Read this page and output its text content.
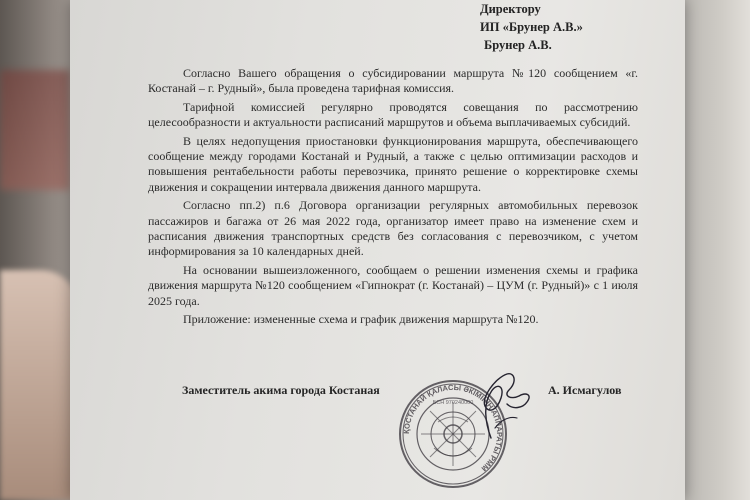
Директору
ИП «Брунер А.В.»
Брунер А.В.

Согласно Вашего обращения о субсидировании маршрута №120 сообщением «г. Костанай – г. Рудный», была проведена тарифная комиссия.

Тарифной комиссией регулярно проводятся совещания по рассмотрению целесообразности и актуальности расписаний маршрутов и объема выплачиваемых субсидий.

В целях недопущения приостановки функционирования маршрута, обеспечивающего сообщение между городами Костанай и Рудный, а также с целью оптимизации расходов и повышения рентабельности работы перевозчика, принято решение о корректировке схемы движения и сокращении интервала движения данного маршрута.

Согласно пп.2) п.6 Договора организации регулярных автомобильных перевозок пассажиров и багажа от 26 мая 2022 года, организатор имеет право на изменение схем и расписания движения транспортных средств без согласования с перевозчиком, с учетом информирования за 10 календарных дней.

На основании вышеизложенного, сообщаем о решении изменения схемы и графика движения маршрута №120 сообщением «Гипнократ (г. Костанай) – ЦУМ (г. Рудный)» с 1 июля 2025 года.

Приложение: измененные схема и график движения маршрута №120.

Заместитель акима города Костаная	А. Исмагулов
ҚОСТАНАЙ ҚАЛАСЫ ӘКІМІНІҢ АППАРАТЫ РММ
БСН 970240000
